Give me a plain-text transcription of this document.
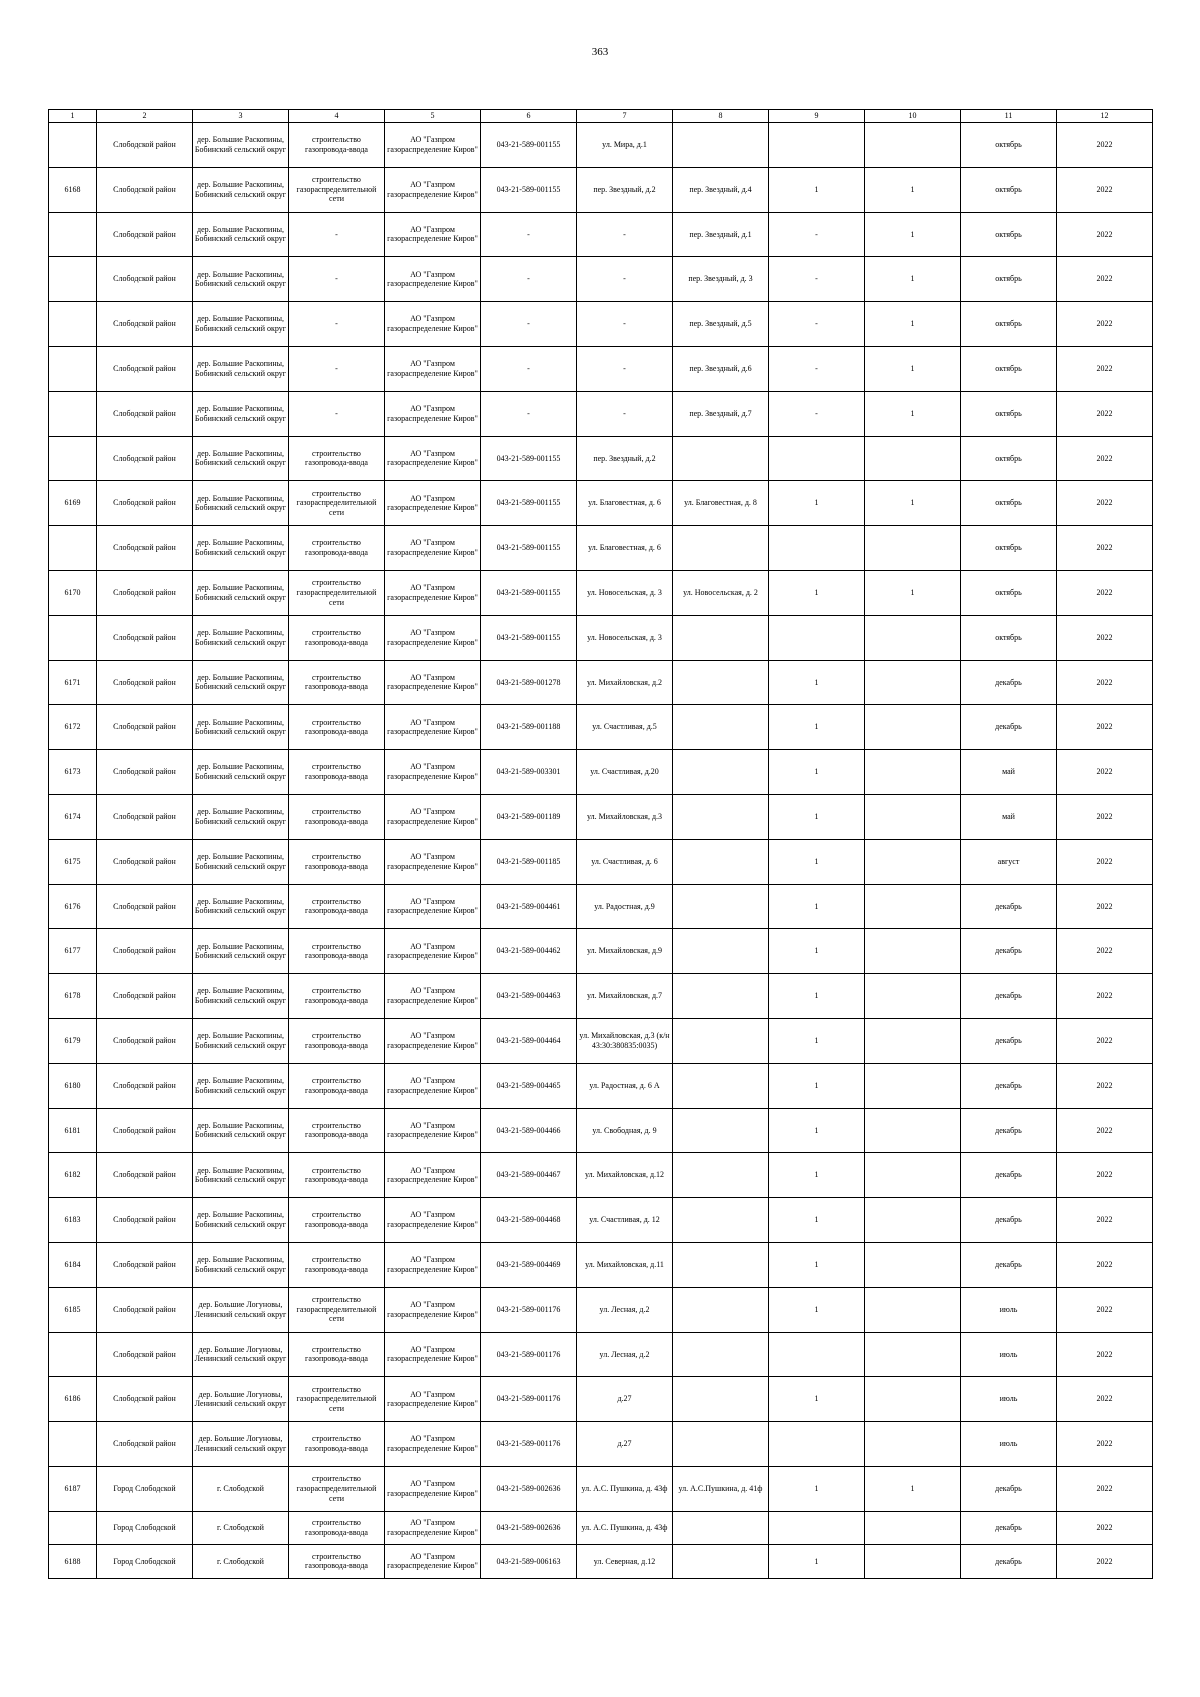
363
1	2	3	4	5	6	7	8	9	10	11	12
	Слободской район	дер. Большие Раскопины, Бобинский сельский округ	строительство газопровода-ввода	АО "Газпром газораспределение Киров"	043-21-589-001155	ул. Мира, д.1				октябрь	2022
6168	Слободской район	дер. Большие Раскопины, Бобинский сельский округ	строительство газораспределительной сети	АО "Газпром газораспределение Киров"	043-21-589-001155	пер. Звездный, д.2	пер. Звездный, д.4	1	1	октябрь	2022
	Слободской район	дер. Большие Раскопины, Бобинский сельский округ	-	АО "Газпром газораспределение Киров"	-	-	пер. Звездный, д.1	-	1	октябрь	2022
	Слободской район	дер. Большие Раскопины, Бобинский сельский округ	-	АО "Газпром газораспределение Киров"	-	-	пер. Звездный, д. 3	-	1	октябрь	2022
	Слободской район	дер. Большие Раскопины, Бобинский сельский округ	-	АО "Газпром газораспределение Киров"	-	-	пер. Звездный, д.5	-	1	октябрь	2022
	Слободской район	дер. Большие Раскопины, Бобинский сельский округ	-	АО "Газпром газораспределение Киров"	-	-	пер. Звездный, д.6	-	1	октябрь	2022
	Слободской район	дер. Большие Раскопины, Бобинский сельский округ	-	АО "Газпром газораспределение Киров"	-	-	пер. Звездный, д.7	-	1	октябрь	2022
	Слободской район	дер. Большие Раскопины, Бобинский сельский округ	строительство газопровода-ввода	АО "Газпром газораспределение Киров"	043-21-589-001155	пер. Звездный, д.2				октябрь	2022
6169	Слободской район	дер. Большие Раскопины, Бобинский сельский округ	строительство газораспределительной сети	АО "Газпром газораспределение Киров"	043-21-589-001155	ул. Благовестная, д. 6	ул. Благовестная, д. 8	1	1	октябрь	2022
	Слободской район	дер. Большие Раскопины, Бобинский сельский округ	строительство газопровода-ввода	АО "Газпром газораспределение Киров"	043-21-589-001155	ул. Благовестная, д. 6				октябрь	2022
6170	Слободской район	дер. Большие Раскопины, Бобинский сельский округ	строительство газораспределительной сети	АО "Газпром газораспределение Киров"	043-21-589-001155	ул. Новосельская, д. 3	ул. Новосельская, д. 2	1	1	октябрь	2022
	Слободской район	дер. Большие Раскопины, Бобинский сельский округ	строительство газопровода-ввода	АО "Газпром газораспределение Киров"	043-21-589-001155	ул. Новосельская, д. 3				октябрь	2022
6171	Слободской район	дер. Большие Раскопины, Бобинский сельский округ	строительство газопровода-ввода	АО "Газпром газораспределение Киров"	043-21-589-001278	ул. Михайловская, д.2		1		декабрь	2022
6172	Слободской район	дер. Большие Раскопины, Бобинский сельский округ	строительство газопровода-ввода	АО "Газпром газораспределение Киров"	043-21-589-001188	ул. Счастливая, д.5		1		декабрь	2022
6173	Слободской район	дер. Большие Раскопины, Бобинский сельский округ	строительство газопровода-ввода	АО "Газпром газораспределение Киров"	043-21-589-003301	ул. Счастливая, д.20		1		май	2022
6174	Слободской район	дер. Большие Раскопины, Бобинский сельский округ	строительство газопровода-ввода	АО "Газпром газораспределение Киров"	043-21-589-001189	ул. Михайловская, д.3		1		май	2022
6175	Слободской район	дер. Большие Раскопины, Бобинский сельский округ	строительство газопровода-ввода	АО "Газпром газораспределение Киров"	043-21-589-001185	ул. Счастливая, д. 6		1		август	2022
6176	Слободской район	дер. Большие Раскопины, Бобинский сельский округ	строительство газопровода-ввода	АО "Газпром газораспределение Киров"	043-21-589-004461	ул. Радостная, д.9		1		декабрь	2022
6177	Слободской район	дер. Большие Раскопины, Бобинский сельский округ	строительство газопровода-ввода	АО "Газпром газораспределение Киров"	043-21-589-004462	ул. Михайловская, д.9		1		декабрь	2022
6178	Слободской район	дер. Большие Раскопины, Бобинский сельский округ	строительство газопровода-ввода	АО "Газпром газораспределение Киров"	043-21-589-004463	ул. Михайловская, д.7		1		декабрь	2022
6179	Слободской район	дер. Большие Раскопины, Бобинский сельский округ	строительство газопровода-ввода	АО "Газпром газораспределение Киров"	043-21-589-004464	ул. Михайловская, д.3 (к/н 43:30:380835:0035)		1		декабрь	2022
6180	Слободской район	дер. Большие Раскопины, Бобинский сельский округ	строительство газопровода-ввода	АО "Газпром газораспределение Киров"	043-21-589-004465	ул. Радостная, д. 6 А		1		декабрь	2022
6181	Слободской район	дер. Большие Раскопины, Бобинский сельский округ	строительство газопровода-ввода	АО "Газпром газораспределение Киров"	043-21-589-004466	ул. Свободная, д. 9		1		декабрь	2022
6182	Слободской район	дер. Большие Раскопины, Бобинский сельский округ	строительство газопровода-ввода	АО "Газпром газораспределение Киров"	043-21-589-004467	ул. Михайловская, д.12		1		декабрь	2022
6183	Слободской район	дер. Большие Раскопины, Бобинский сельский округ	строительство газопровода-ввода	АО "Газпром газораспределение Киров"	043-21-589-004468	ул. Счастливая, д. 12		1		декабрь	2022
6184	Слободской район	дер. Большие Раскопины, Бобинский сельский округ	строительство газопровода-ввода	АО "Газпром газораспределение Киров"	043-21-589-004469	ул. Михайловская, д.11		1		декабрь	2022
6185	Слободской район	дер. Большие Логуновы, Ленинский сельский округ	строительство газораспределительной сети	АО "Газпром газораспределение Киров"	043-21-589-001176	ул. Лесная, д.2		1		июль	2022
	Слободской район	дер. Большие Логуновы, Ленинский сельский округ	строительство газопровода-ввода	АО "Газпром газораспределение Киров"	043-21-589-001176	ул. Лесная, д.2				июль	2022
6186	Слободской район	дер. Большие Логуновы, Ленинский сельский округ	строительство газораспределительной сети	АО "Газпром газораспределение Киров"	043-21-589-001176	д.27		1		июль	2022
	Слободской район	дер. Большие Логуновы, Ленинский сельский округ	строительство газопровода-ввода	АО "Газпром газораспределение Киров"	043-21-589-001176	д.27				июль	2022
6187	Город Слободской	г. Слободской	строительство газораспределительной сети	АО "Газпром газораспределение Киров"	043-21-589-002636	ул. А.С. Пушкина, д. 43ф	ул. А.С.Пушкина, д. 41ф	1	1	декабрь	2022
	Город Слободской	г. Слободской	строительство газопровода-ввода	АО "Газпром газораспределение Киров"	043-21-589-002636	ул. А.С. Пушкина, д. 43ф				декабрь	2022
6188	Город Слободской	г. Слободской	строительство газопровода-ввода	АО "Газпром газораспределение Киров"	043-21-589-006163	ул. Северная, д.12		1		декабрь	2022
